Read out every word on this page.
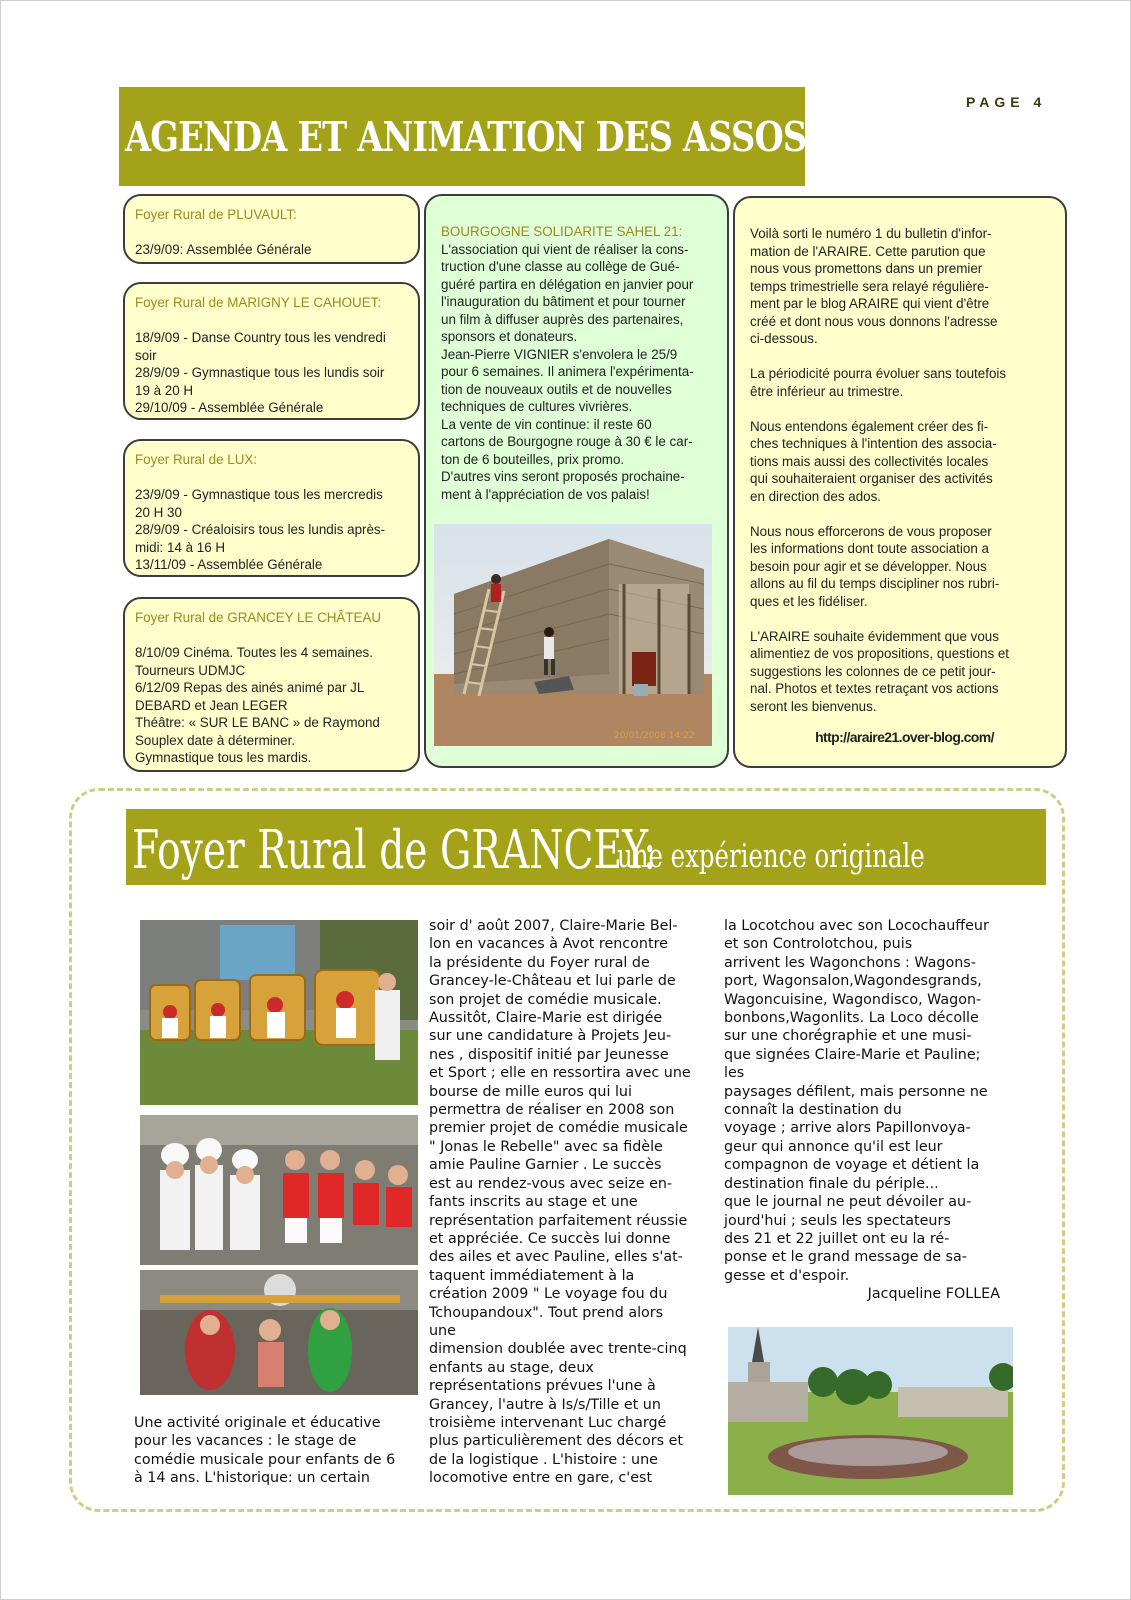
AGENDA ET ANIMATION DES ASSOS
PAGE 4

Foyer Rural de PLUVAULT:

23/9/09: Assemblée Générale

Foyer Rural de MARIGNY LE CAHOUET:

18/9/09 - Danse Country tous les vendredi

soir

28/9/09 - Gymnastique tous les lundis soir

19 à 20 H

29/10/09 - Assemblée Générale

Foyer Rural de LUX:

23/9/09 - Gymnastique tous les mercredis

20 H 30

28/9/09 - Créaloisirs tous les lundis après-

midi: 14 à 16 H

13/11/09 - Assemblée Générale

Foyer Rural de GRANCEY LE CHÂTEAU

8/10/09 Cinéma. Toutes les 4 semaines.

Tourneurs UDMJC

6/12/09 Repas des ainés animé par JL

DEBARD et Jean LEGER

Théâtre: « SUR LE BANC » de Raymond

Souplex date à déterminer.

Gymnastique tous les mardis.

BOURGOGNE SOLIDARITE SAHEL 21:

L'association qui vient de réaliser la cons-

truction d'une classe au collège de Gué-

guéré partira en délégation en janvier pour

l'inauguration du bâtiment et pour tourner

un film à diffuser auprès des partenaires,

sponsors et donateurs.

Jean-Pierre VIGNIER s'envolera le 25/9

pour 6 semaines. Il animera l'expérimenta-

tion de nouveaux outils et de nouvelles

techniques de cultures vivrières.

La vente de vin continue: il reste 60

cartons de Bourgogne rouge à 30 € le car-

ton de 6 bouteilles, prix promo.

D'autres vins seront proposés prochaine-

ment à l'appréciation de vos palais!

20/01/2008 14:22

Voilà sorti le numéro 1 du bulletin d'infor-

mation de l'ARAIRE. Cette parution que

nous vous promettons dans un premier

temps trimestrielle sera relayé régulière-

ment par le blog ARAIRE qui vient d'être

créé et dont nous vous donnons l'adresse

ci-dessous.

La périodicité pourra évoluer sans toutefois

être inférieur au trimestre.

Nous entendons également créer des fi-

ches techniques à l'intention des associa-

tions mais aussi des collectivités locales

qui souhaiteraient organiser des activités

en direction des ados.

Nous nous efforcerons de vous proposer

les informations dont toute association a

besoin pour agir et se développer. Nous

allons au fil du temps discipliner nos rubri-

ques et les fidéliser.

L'ARAIRE souhaite évidemment que vous

alimentiez de vos propositions, questions et

suggestions les colonnes de ce petit jour-

nal. Photos et textes retraçant vos actions

seront les bienvenus.

http://araire21.over-blog.com/
Foyer Rural de GRANCEY:
une expérience originale

Une activité originale et éducative

pour les vacances : le stage de

comédie musicale pour enfants de 6

à 14 ans. L'historique: un certain

soir d' août 2007, Claire-Marie Bel-

lon en vacances à Avot rencontre

la présidente du Foyer rural de

Grancey-le-Château et lui parle de

son projet de comédie musicale.

Aussitôt, Claire-Marie est dirigée

sur une candidature à Projets Jeu-

nes , dispositif initié par Jeunesse

et Sport ; elle en ressortira avec une

bourse de mille euros qui lui

permettra de réaliser en 2008 son

premier projet de comédie musicale

" Jonas le Rebelle" avec sa fidèle

amie Pauline Garnier . Le succès

est au rendez-vous avec seize en-

fants inscrits au stage et une

représentation parfaitement réussie

et appréciée. Ce succès lui donne

des ailes et avec Pauline, elles s'at-

taquent immédiatement à la

création 2009 " Le voyage fou du

Tchoupandoux". Tout prend alors

une

dimension doublée avec trente-cinq

enfants au stage, deux

représentations prévues l'une à

Grancey, l'autre à Is/s/Tille et un

troisième intervenant Luc chargé

plus particulièrement des décors et

de la logistique . L'histoire : une

locomotive entre en gare, c'est

la Locotchou avec son Locochauffeur

et son Controlotchou, puis

arrivent les Wagonchons : Wagons-

port, Wagonsalon,Wagondesgrands,

Wagoncuisine, Wagondisco, Wagon-

bonbons,Wagonlits. La Loco décolle

sur une chorégraphie et une musi-

que signées Claire-Marie et Pauline;

les

paysages défilent, mais personne ne

connaît la destination du

voyage ; arrive alors Papillonvoya-

geur qui annonce qu'il est leur

compagnon de voyage et détient la

destination finale du périple...

que le journal ne peut dévoiler au-

jourd'hui ; seuls les spectateurs

des 21 et 22 juillet ont eu la ré-

ponse et le grand message de sa-

gesse et d'espoir.

Jacqueline FOLLEA
